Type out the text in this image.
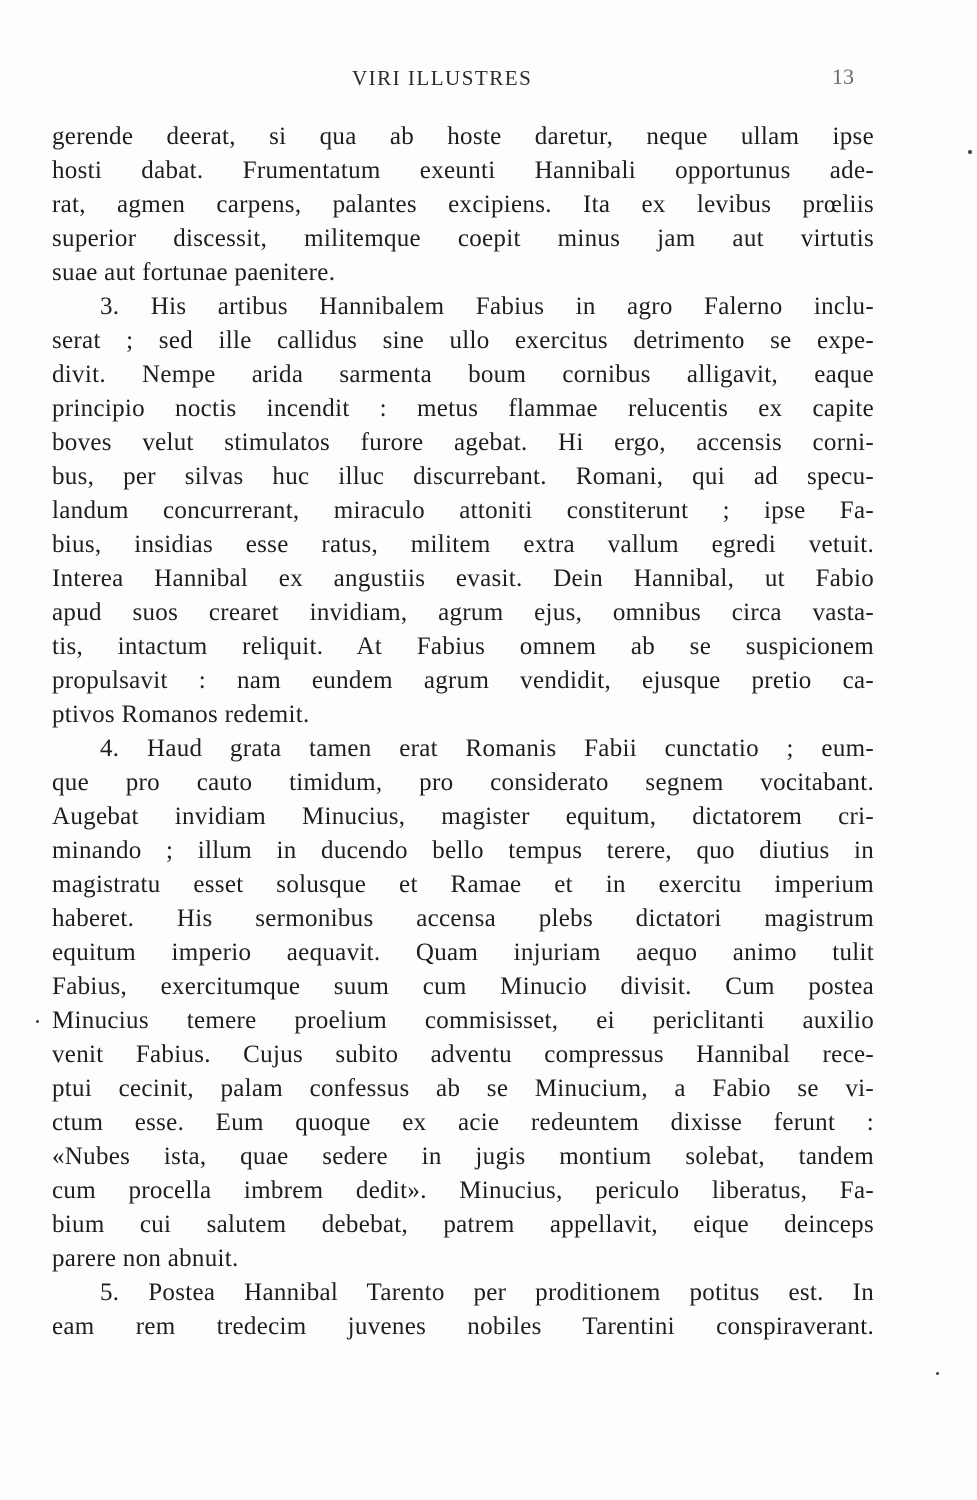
VIRI ILLUSTRES	13
gerende deerat, si qua ab hoste daretur, neque ullam ipse
hosti dabat. Frumentatum exeunti Hannibali opportunus ade-
rat, agmen carpens, palantes excipiens. Ita ex levibus prœliis
superior discessit, militemque coepit minus jam aut virtutis
suae aut fortunae paenitere.
3. His artibus Hannibalem Fabius in agro Falerno inclu-
serat ; sed ille callidus sine ullo exercitus detrimento se expe-
divit. Nempe arida sarmenta boum cornibus alligavit, eaque
principio noctis incendit : metus flammae relucentis ex capite
boves velut stimulatos furore agebat. Hi ergo, accensis corni-
bus, per silvas huc illuc discurrebant. Romani, qui ad specu-
landum concurrerant, miraculo attoniti constiterunt ; ipse Fa-
bius, insidias esse ratus, militem extra vallum egredi vetuit.
Interea Hannibal ex angustiis evasit. Dein Hannibal, ut Fabio
apud suos crearet invidiam, agrum ejus, omnibus circa vasta-
tis, intactum reliquit. At Fabius omnem ab se suspicionem
propulsavit : nam eundem agrum vendidit, ejusque pretio ca-
ptivos Romanos redemit.
4. Haud grata tamen erat Romanis Fabii cunctatio ; eum-
que pro cauto timidum, pro considerato segnem vocitabant.
Augebat invidiam Minucius, magister equitum, dictatorem cri-
minando ; illum in ducendo bello tempus terere, quo diutius in
magistratu esset solusque et Ramae et in exercitu imperium
haberet. His sermonibus accensa plebs dictatori magistrum
equitum imperio aequavit. Quam injuriam aequo animo tulit
Fabius, exercitumque suum cum Minucio divisit. Cum postea
Minucius temere proelium commisisset, ei periclitanti auxilio
venit Fabius. Cujus subito adventu compressus Hannibal rece-
ptui cecinit, palam confessus ab se Minucium, a Fabio se vi-
ctum esse. Eum quoque ex acie redeuntem dixisse ferunt :
«Nubes ista, quae sedere in jugis montium solebat, tandem
cum procella imbrem dedit». Minucius, periculo liberatus, Fa-
bium cui salutem debebat, patrem appellavit, eique deinceps
parere non abnuit.
5. Postea Hannibal Tarento per proditionem potitus est. In
eam rem tredecim juvenes nobiles Tarentini conspiraverant.
